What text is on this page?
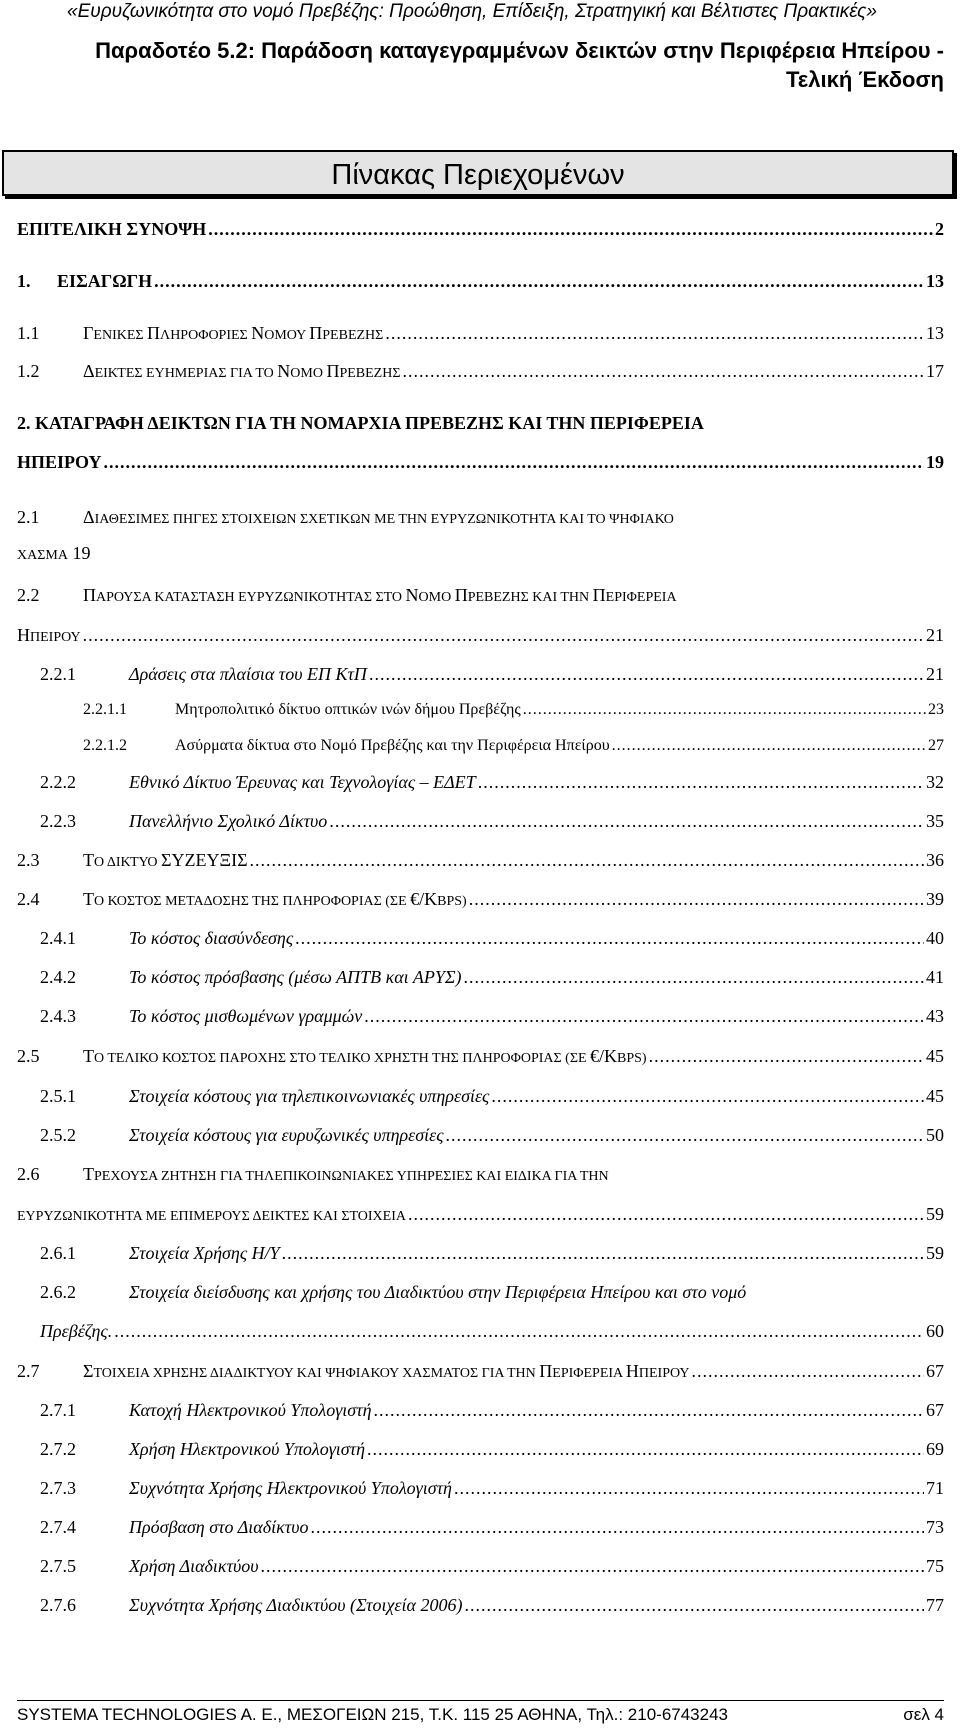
«Ευρυζωνικότητα στο νομό Πρεβέζης: Προώθηση, Επίδειξη, Στρατηγική και Βέλτιστες Πρακτικές»
Παραδοτέο 5.2: Παράδοση καταγεγραμμένων δεικτών στην Περιφέρεια Ηπείρου - Τελική Έκδοση
Πίνακας Περιεχομένων
ΕΠΙΤΕΛΙΚΗ ΣΥΝΟΨΗ .....	2
1. ΕΙΣΑΓΩΓΗ .....	13
1.1 ΓΕΝΙΚΕΣ ΠΛΗΡΟΦΟΡΙΕΣ ΝΟΜΟΥ ΠΡΕΒΕΖΗΣ .....	13
1.2 ΔΕΙΚΤΕΣ ΕΥΗΜΕΡΙΑΣ ΓΙΑ ΤΟ ΝΟΜΟ ΠΡΕΒΕΖΗΣ .....	17
2. ΚΑΤΑΓΡΑΦΗ ΔΕΙΚΤΩΝ ΓΙΑ ΤΗ ΝΟΜΑΡΧΙΑ ΠΡΕΒΕΖΗΣ ΚΑΙ ΤΗΝ ΠΕΡΙΦΕΡΕΙΑ
ΗΠΕΙΡΟΥ .....	19
2.1 ΔΙΑΘΕΣΙΜΕΣ ΠΗΓΕΣ ΣΤΟΙΧΕΙΩΝ ΣΧΕΤΙΚΩΝ ΜΕ ΤΗΝ ΕΥΡΥΖΩΝΙΚΟΤΗΤΑ ΚΑΙ ΤΟ ΨΗΦΙΑΚΟ
ΧΑΣΜΑ 19
2.2 ΠΑΡΟΥΣΑ ΚΑΤΑΣΤΑΣΗ ΕΥΡΥΖΩΝΙΚΟΤΗΤΑΣ ΣΤΟ ΝΟΜΟ ΠΡΕΒΕΖΗΣ ΚΑΙ ΤΗΝ ΠΕΡΙΦΕΡΕΙΑ
ΗΠΕΙΡΟΥ .....	21
2.2.1	Δράσεις στα πλαίσια του ΕΠ ΚτΠ .....	21
2.2.1.1	Μητροπολιτικό δίκτυο οπτικών ινών δήμου Πρεβέζης .....	23
2.2.1.2	Ασύρματα δίκτυα στο Νομό Πρεβέζης και την Περιφέρεια Ηπείρου .....	27
2.2.2	Εθνικό Δίκτυο Έρευνας και Τεχνολογίας – ΕΔΕΤ .....	32
2.2.3	Πανελλήνιο Σχολικό Δίκτυο .....	35
2.3 ΤΟ ΔΙΚΤΥΟ ΣΥΖΕΥΞΙΣ .....	36
2.4 ΤΟ ΚΟΣΤΟΣ ΜΕΤΑΔΟΣΗΣ ΤΗΣ ΠΛΗΡΟΦΟΡΙΑΣ (ΣΕ €/KBPS) .....	39
2.4.1	Το κόστος διασύνδεσης .....	40
2.4.2	Το κόστος πρόσβασης (μέσω ΑΠΤΒ και ΑΡΥΣ) .....	41
2.4.3	Το κόστος μισθωμένων γραμμών .....	43
2.5 ΤΟ ΤΕΛΙΚΟ ΚΟΣΤΟΣ ΠΑΡΟΧΗΣ ΣΤΟ ΤΕΛΙΚΟ ΧΡΗΣΤΗ ΤΗΣ ΠΛΗΡΟΦΟΡΙΑΣ (ΣΕ €/KBPS) .....	45
2.5.1	Στοιχεία κόστους για τηλεπικοινωνιακές υπηρεσίες .....	45
2.5.2	Στοιχεία κόστους για ευρυζωνικές υπηρεσίες .....	50
2.6 ΤΡΕΧΟΥΣΑ ΖΗΤΗΣΗ ΓΙΑ ΤΗΛΕΠΙΚΟΙΝΩΝΙΑΚΕΣ ΥΠΗΡΕΣΙΕΣ ΚΑΙ ΕΙΔΙΚΑ ΓΙΑ ΤΗΝ
ΕΥΡΥΖΩΝΙΚΟΤΗΤΑ ΜΕ ΕΠΙΜΕΡΟΥΣ ΔΕΙΚΤΕΣ ΚΑΙ ΣΤΟΙΧΕΙΑ .....	59
2.6.1	Στοιχεία Χρήσης Η/Υ .....	59
2.6.2	Στοιχεία διείσδυσης και χρήσης του Διαδικτύου στην Περιφέρεια Ηπείρου και στο νομό
Πρεβέζης. .....	60
2.7 ΣΤΟΙΧΕΙΑ ΧΡΗΣΗΣ ΔΙΑΔΙΚΤΥΟΥ ΚΑΙ ΨΗΦΙΑΚΟΥ ΧΑΣΜΑΤΟΣ ΓΙΑ ΤΗΝ ΠΕΡΙΦΕΡΕΙΑ ΗΠΕΙΡΟΥ .....	67
2.7.1	Κατοχή Ηλεκτρονικού Υπολογιστή .....	67
2.7.2	Χρήση Ηλεκτρονικού Υπολογιστή .....	69
2.7.3	Συχνότητα Χρήσης Ηλεκτρονικού Υπολογιστή .....	71
2.7.4	Πρόσβαση στο Διαδίκτυο .....	73
2.7.5	Χρήση Διαδικτύου .....	75
2.7.6	Συχνότητα Χρήσης Διαδικτύου (Στοιχεία 2006) .....	77
SYSTEMA TECHNOLOGIES A. E., ΜΕΣΟΓΕΙΩΝ 215, Τ.Κ. 115 25 ΑΘΗΝΑ, Τηλ.: 210-6743243	σελ 4
